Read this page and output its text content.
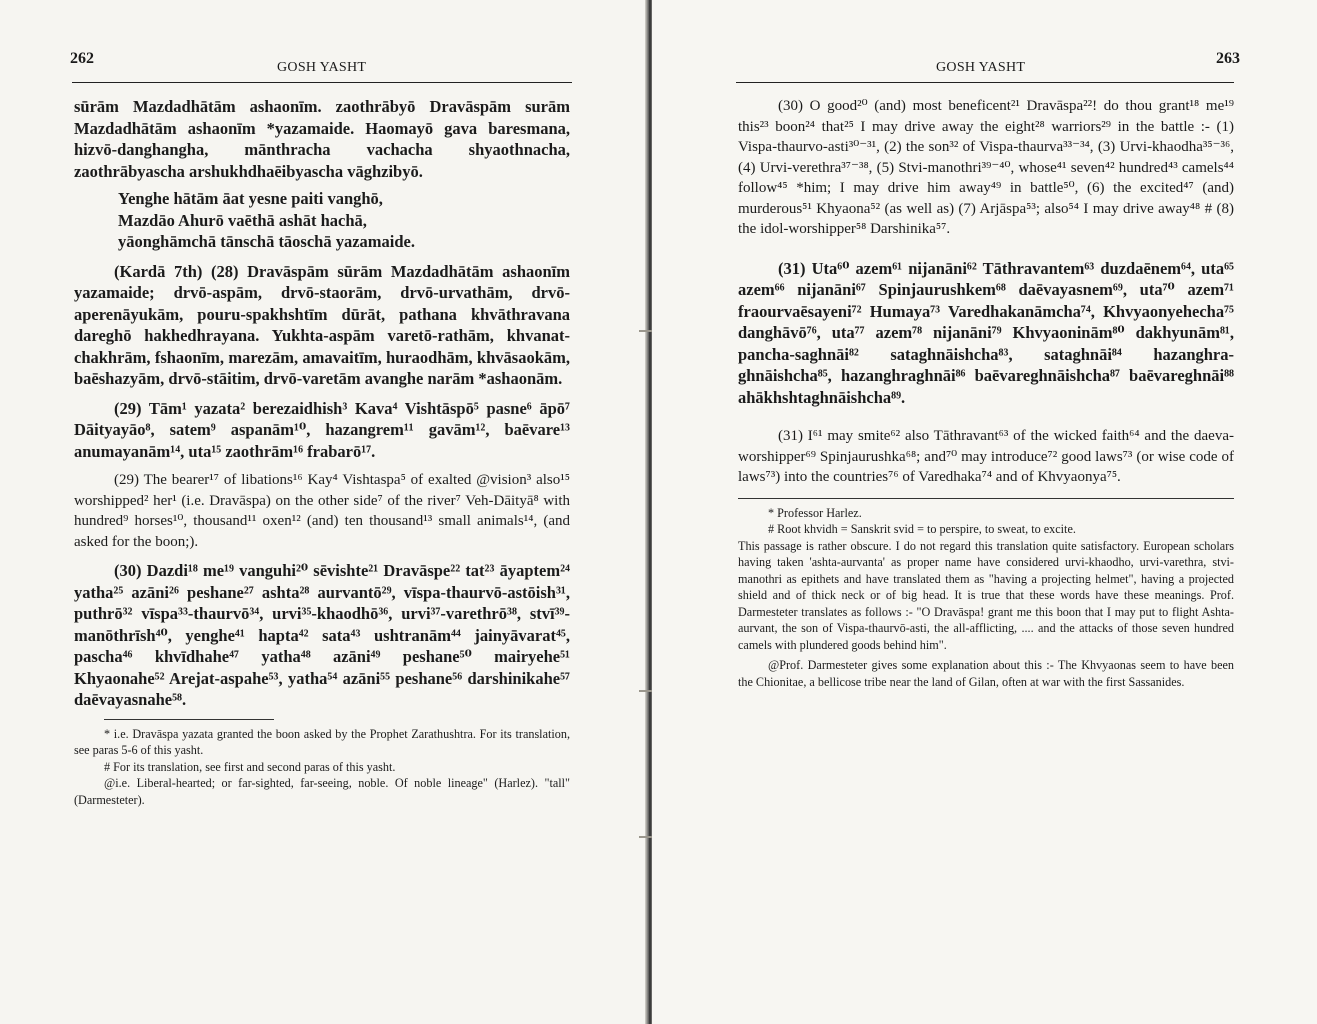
262
GOSH YASHT

sūrām Mazdadhātām ashaonīm. zaothrābyō Dravāspām surām Mazdadhātām ashaonīm *yazamaide. Haomayō gava baresmana, hizvō-danghangha, mānthracha vachacha shyaothnacha, zaothrābyascha arshukhdhaēibyascha vāghzibyō.

Yenghe hātām āat yesne paiti vanghō,

Mazdāo Ahurō vaēthā ashāt hachā,

yāonghāmchā tānschā tāoschā yazamaide.

(Kardā 7th) (28) Dravāspām sūrām Mazdadhātām ashaonīm yazamaide; drvō-aspām, drvō-staorām, drvō-urvathām, drvō-aperenāyukām, pouru-spakhshtīm dūrāt, pathana khvāthravana dareghō hakhedhrayana. Yukhta-aspām varetō-rathām, khvanat-chakhrām, fshaonīm, marezām, amavaitīm, huraodhām, khvāsaokām, baēshazyām, drvō-stāitim, drvō-varetām avanghe narām *ashaonām.

(29) Tām¹ yazata² berezaidhish³ Kava⁴ Vishtāspō⁵ pasne⁶ āpō⁷ Dāityayāo⁸, satem⁹ aspanām¹⁰, hazangrem¹¹ gavām¹², baēvare¹³ anumayanām¹⁴, uta¹⁵ zaothrām¹⁶ frabarō¹⁷.

(29) The bearer¹⁷ of libations¹⁶ Kay⁴ Vishtaspa⁵ of exalted @vision³ also¹⁵ worshipped² her¹ (i.e. Dravāspa) on the other side⁷ of the river⁷ Veh-Dāityā⁸ with hundred⁹ horses¹⁰, thousand¹¹ oxen¹² (and) ten thousand¹³ small animals¹⁴, (and asked for the boon;).

(30) Dazdi¹⁸ me¹⁹ vanguhi²⁰ sēvishte²¹ Dravāspe²² tat²³ āyaptem²⁴ yatha²⁵ azāni²⁶ peshane²⁷ ashta²⁸ aurvantō²⁹, vīspa-thaurvō-astōish³¹, puthrō³² vīspa³³-thaurvō³⁴, urvi³⁵-khaodhō³⁶, urvi³⁷-varethrō³⁸, stvī³⁹-manōthrīsh⁴⁰, yenghe⁴¹ hapta⁴² sata⁴³ ushtranām⁴⁴ jainyāvarat⁴⁵, pascha⁴⁶ khvīdhahe⁴⁷ yatha⁴⁸ azāni⁴⁹ peshane⁵⁰ mairyehe⁵¹ Khyaonahe⁵² Arejat-aspahe⁵³, yatha⁵⁴ azāni⁵⁵ peshane⁵⁶ darshinikahe⁵⁷ daēvayasnahe⁵⁸.

* i.e. Dravāspa yazata granted the boon asked by the Prophet Zarathushtra. For its translation, see paras 5-6 of this yasht.

# For its translation, see first and second paras of this yasht.

@i.e. Liberal-hearted; or far-sighted, far-seeing, noble. Of noble lineage" (Harlez). "tall" (Darmesteter).

GOSH YASHT
263

(30) O good²⁰ (and) most beneficent²¹ Dravāspa²²! do thou grant¹⁸ me¹⁹ this²³ boon²⁴ that²⁵ I may drive away the eight²⁸ warriors²⁹ in the battle :- (1) Vispa-thaurvo-asti³⁰⁻³¹, (2) the son³² of Vispa-thaurva³³⁻³⁴, (3) Urvi-khaodha³⁵⁻³⁶, (4) Urvi-verethra³⁷⁻³⁸, (5) Stvi-manothri³⁹⁻⁴⁰, whose⁴¹ seven⁴² hundred⁴³ camels⁴⁴ follow⁴⁵ *him; I may drive him away⁴⁹ in battle⁵⁰, (6) the excited⁴⁷ (and) murderous⁵¹ Khyaona⁵² (as well as) (7) Arjāspa⁵³; also⁵⁴ I may drive away⁴⁸ # (8) the idol-worshipper⁵⁸ Darshinika⁵⁷.

(31) Uta⁶⁰ azem⁶¹ nijanāni⁶² Tāthravantem⁶³ duzdaēnem⁶⁴, uta⁶⁵ azem⁶⁶ nijanāni⁶⁷ Spinjaurushkem⁶⁸ daēvayasnem⁶⁹, uta⁷⁰ azem⁷¹ fraourvaēsayeni⁷² Humaya⁷³ Varedhakanāmcha⁷⁴, Khvyaonyehecha⁷⁵ danghāvō⁷⁶, uta⁷⁷ azem⁷⁸ nijanāni⁷⁹ Khvyaoninām⁸⁰ dakhyunām⁸¹, pancha-saghnāi⁸² sataghnāishcha⁸³, sataghnāi⁸⁴ hazanghra-ghnāishcha⁸⁵, hazanghraghnāi⁸⁶ baēvareghnāishcha⁸⁷ baēvareghnāi⁸⁸ ahākhshtaghnāishcha⁸⁹.

(31) I⁶¹ may smite⁶² also Tāthravant⁶³ of the wicked faith⁶⁴ and the daeva-worshipper⁶⁹ Spinjaurushka⁶⁸; and⁷⁰ may introduce⁷² good laws⁷³ (or wise code of laws⁷³) into the countries⁷⁶ of Varedhaka⁷⁴ and of Khvyaonya⁷⁵.

* Professor Harlez.

# Root khvidh = Sanskrit svid = to perspire, to sweat, to excite.

This passage is rather obscure. I do not regard this translation quite satisfactory. European scholars having taken 'ashta-aurvanta' as proper name have considered urvi-khaodho, urvi-varethra, stvi-manothri as epithets and have translated them as "having a projecting helmet", having a projected shield and of thick neck or of big head. It is true that these words have these meanings. Prof. Darmesteter translates as follows :- "O Dravāspa! grant me this boon that I may put to flight Ashta-aurvant, the son of Vispa-thaurvō-asti, the all-afflicting, .... and the attacks of those seven hundred camels with plundered goods behind him".

@Prof. Darmesteter gives some explanation about this :- The Khvyaonas seem to have been the Chionitae, a bellicose tribe near the land of Gilan, often at war with the first Sassanides.
